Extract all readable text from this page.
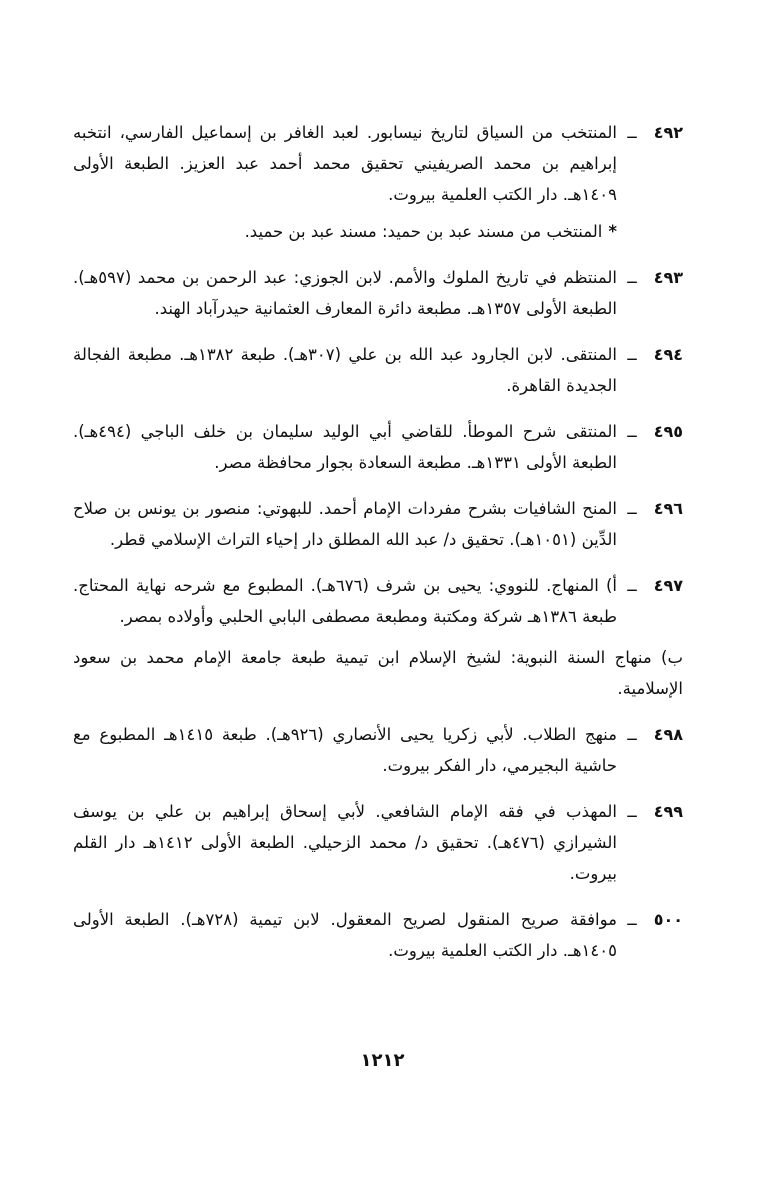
٤٩٢
ــ
المنتخب من السياق لتاريخ نيسابور. لعبد الغافر بن إسماعيل الفارسي، انتخبه إبراهيم بن محمد الصريفيني تحقيق محمد أحمد عبد العزيز. الطبعة الأولى ١٤٠٩هـ. دار الكتب العلمية بيروت.
*المنتخب من مسند عبد بن حميد: مسند عبد بن حميد.
٤٩٣
ــ
المنتظم في تاريخ الملوك والأمم. لابن الجوزي: عبد الرحمن بن محمد (٥٩٧هـ). الطبعة الأولى ١٣٥٧هـ. مطبعة دائرة المعارف العثمانية حيدرآباد الهند.
٤٩٤
ــ
المنتقى. لابن الجارود عبد الله بن علي (٣٠٧هـ). طبعة ١٣٨٢هـ. مطبعة الفجالة الجديدة القاهرة.
٤٩٥
ــ
المنتقى شرح الموطأ. للقاضي أبي الوليد سليمان بن خلف الباجي (٤٩٤هـ). الطبعة الأولى ١٣٣١هـ. مطبعة السعادة بجوار محافظة مصر.
٤٩٦
ــ
المنح الشافيات بشرح مفردات الإمام أحمد. للبهوتي: منصور بن يونس بن صلاح الدِّين (١٠٥١هـ). تحقيق د/ عبد الله المطلق دار إحياء التراث الإسلامي قطر.
٤٩٧
ــ
أ) المنهاج. للنووي: يحيى بن شرف (٦٧٦هـ). المطبوع مع شرحه نهاية المحتاج. طبعة ١٣٨٦هـ شركة ومكتبة ومطبعة مصطفى البابي الحلبي وأولاده بمصر.
ب) منهاج السنة النبوية: لشيخ الإسلام ابن تيمية طبعة جامعة الإمام محمد بن سعود الإسلامية.
٤٩٨
ــ
منهج الطلاب. لأبي زكريا يحيى الأنصاري (٩٢٦هـ). طبعة ١٤١٥هـ المطبوع مع حاشية البجيرمي، دار الفكر بيروت.
٤٩٩
ــ
المهذب في فقه الإمام الشافعي. لأبي إسحاق إبراهيم بن علي بن يوسف الشيرازي (٤٧٦هـ). تحقيق د/ محمد الزحيلي. الطبعة الأولى ١٤١٢هـ دار القلم بيروت.
٥٠٠
ــ
موافقة صريح المنقول لصريح المعقول. لابن تيمية (٧٢٨هـ). الطبعة الأولى ١٤٠٥هـ. دار الكتب العلمية بيروت.
١٢١٢
